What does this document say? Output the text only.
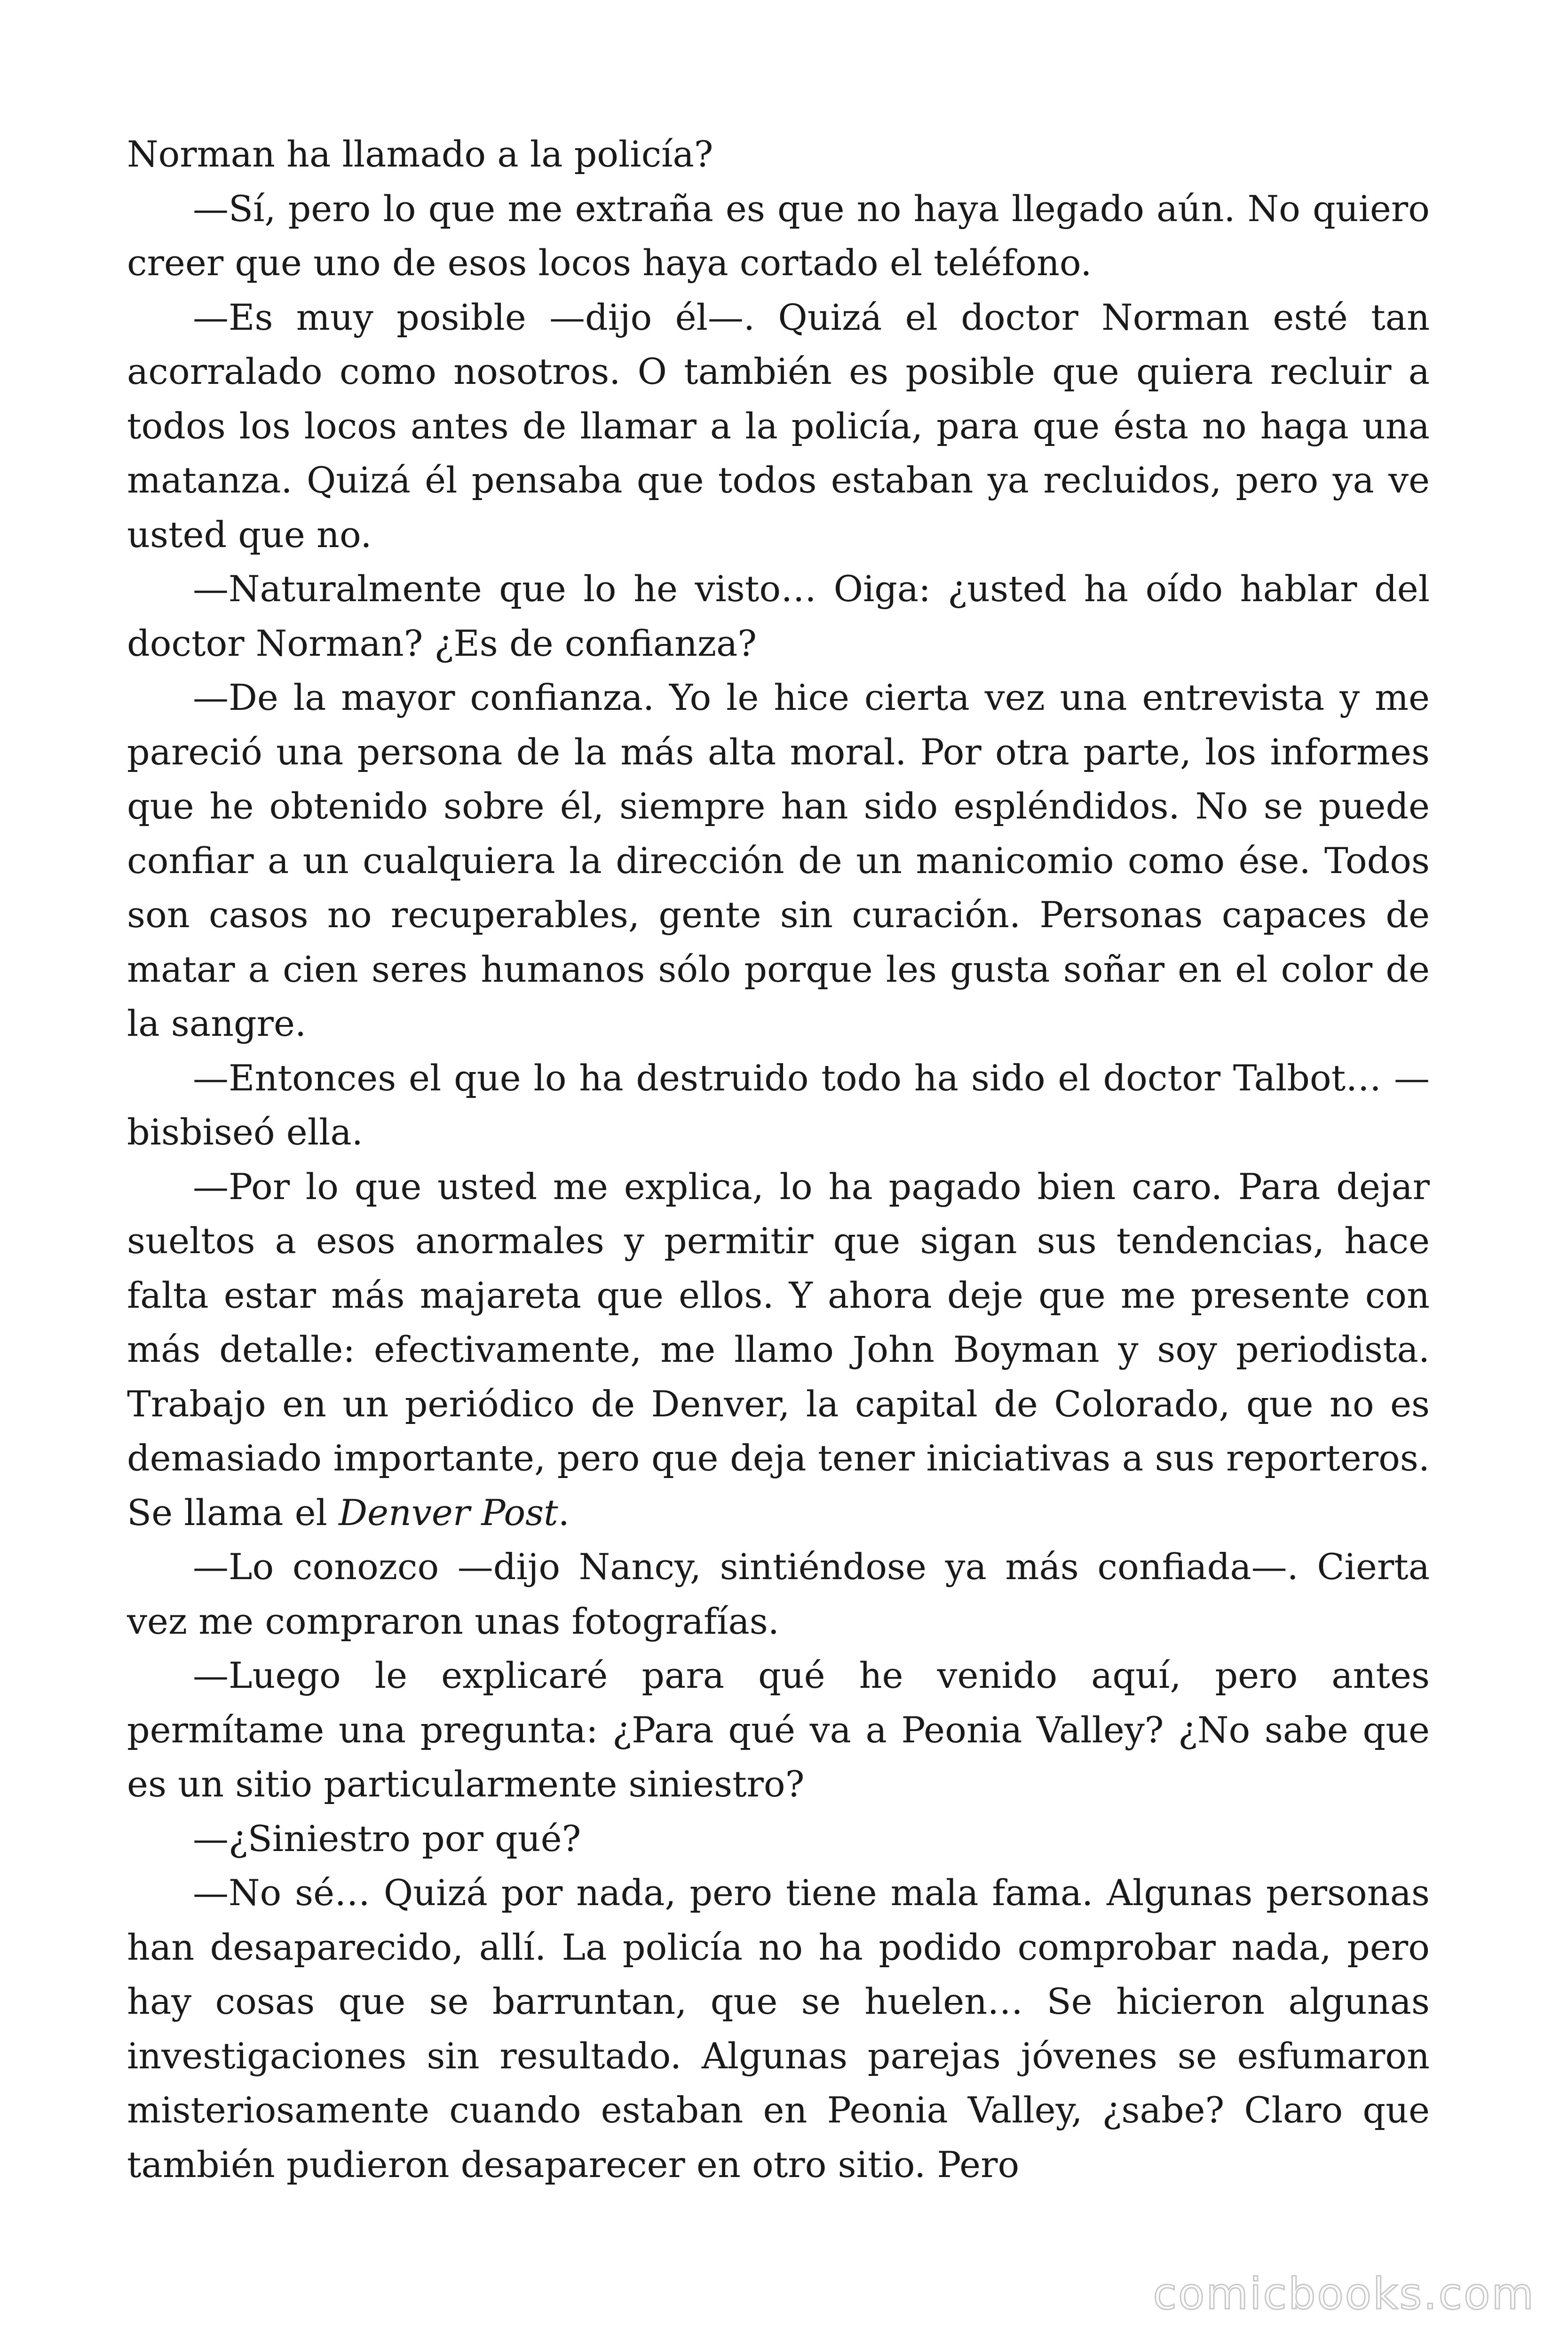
Norman ha llamado a la policía?

—Sí, pero lo que me extraña es que no haya llegado aún. No quiero creer que uno de esos locos haya cortado el teléfono.

—Es muy posible —dijo él—. Quizá el doctor Norman esté tan acorralado como nosotros. O también es posible que quiera recluir a todos los locos antes de llamar a la policía, para que ésta no haga una matanza. Quizá él pensaba que todos estaban ya recluidos, pero ya ve usted que no.

—Naturalmente que lo he visto… Oiga: ¿usted ha oído hablar del doctor Norman? ¿Es de confianza?

—De la mayor confianza. Yo le hice cierta vez una entrevista y me pareció una persona de la más alta moral. Por otra parte, los informes que he obtenido sobre él, siempre han sido espléndidos. No se puede confiar a un cualquiera la dirección de un manicomio como ése. Todos son casos no recuperables, gente sin curación. Personas capaces de matar a cien seres humanos sólo porque les gusta soñar en el color de la sangre.

—Entonces el que lo ha destruido todo ha sido el doctor Talbot… —bisbiseó ella.

—Por lo que usted me explica, lo ha pagado bien caro. Para dejar sueltos a esos anormales y permitir que sigan sus tendencias, hace falta estar más majareta que ellos. Y ahora deje que me presente con más detalle: efectivamente, me llamo John Boyman y soy periodista. Trabajo en un periódico de Denver, la capital de Colorado, que no es demasiado importante, pero que deja tener iniciativas a sus reporteros. Se llama el Denver Post.

—Lo conozco —dijo Nancy, sintiéndose ya más confiada—. Cierta vez me compraron unas fotografías.

—Luego le explicaré para qué he venido aquí, pero antes permítame una pregunta: ¿Para qué va a Peonia Valley? ¿No sabe que es un sitio particularmente siniestro?

—¿Siniestro por qué?

—No sé… Quizá por nada, pero tiene mala fama. Algunas personas han desaparecido, allí. La policía no ha podido comprobar nada, pero hay cosas que se barruntan, que se huelen… Se hicieron algunas investigaciones sin resultado. Algunas parejas jóvenes se esfumaron misteriosamente cuando estaban en Peonia Valley, ¿sabe? Claro que también pudieron desaparecer en otro sitio. Pero

comicbooks.com
